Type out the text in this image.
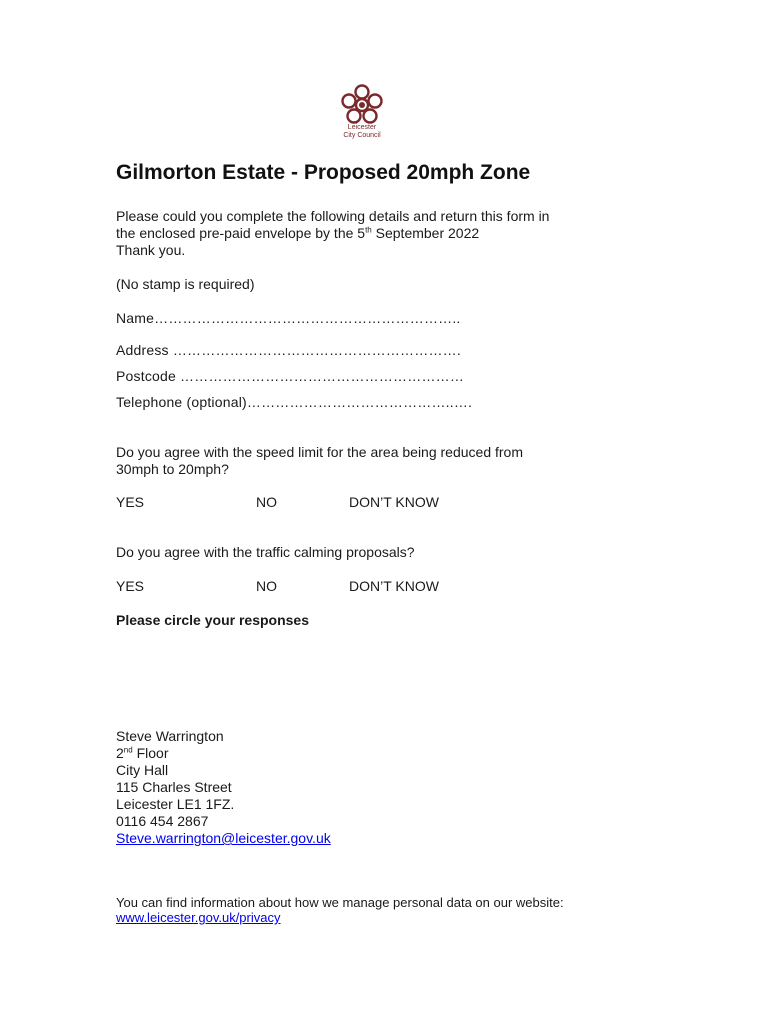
Leicester
City Council
Gilmorton Estate - Proposed 20mph Zone
Please could you complete the following details and return this form in
the enclosed pre-paid envelope by the 5th September 2022
Thank you.
(No stamp is required)
Name………………………………………………………..
Address …………………………………………………….
Postcode ……………………………………………………
Telephone (optional)……………………………………..….
Do you agree with the speed limit for the area being reduced from
30mph to 20mph?
YES	NO	DON’T KNOW
Do you agree with the traffic calming proposals?
YES	NO	DON’T KNOW
Please circle your responses
Steve Warrington
2nd Floor
City Hall
115 Charles Street
Leicester LE1 1FZ.
0116 454 2867
Steve.warrington@leicester.gov.uk
You can find information about how we manage personal data on our website: www.leicester.gov.uk/privacy
